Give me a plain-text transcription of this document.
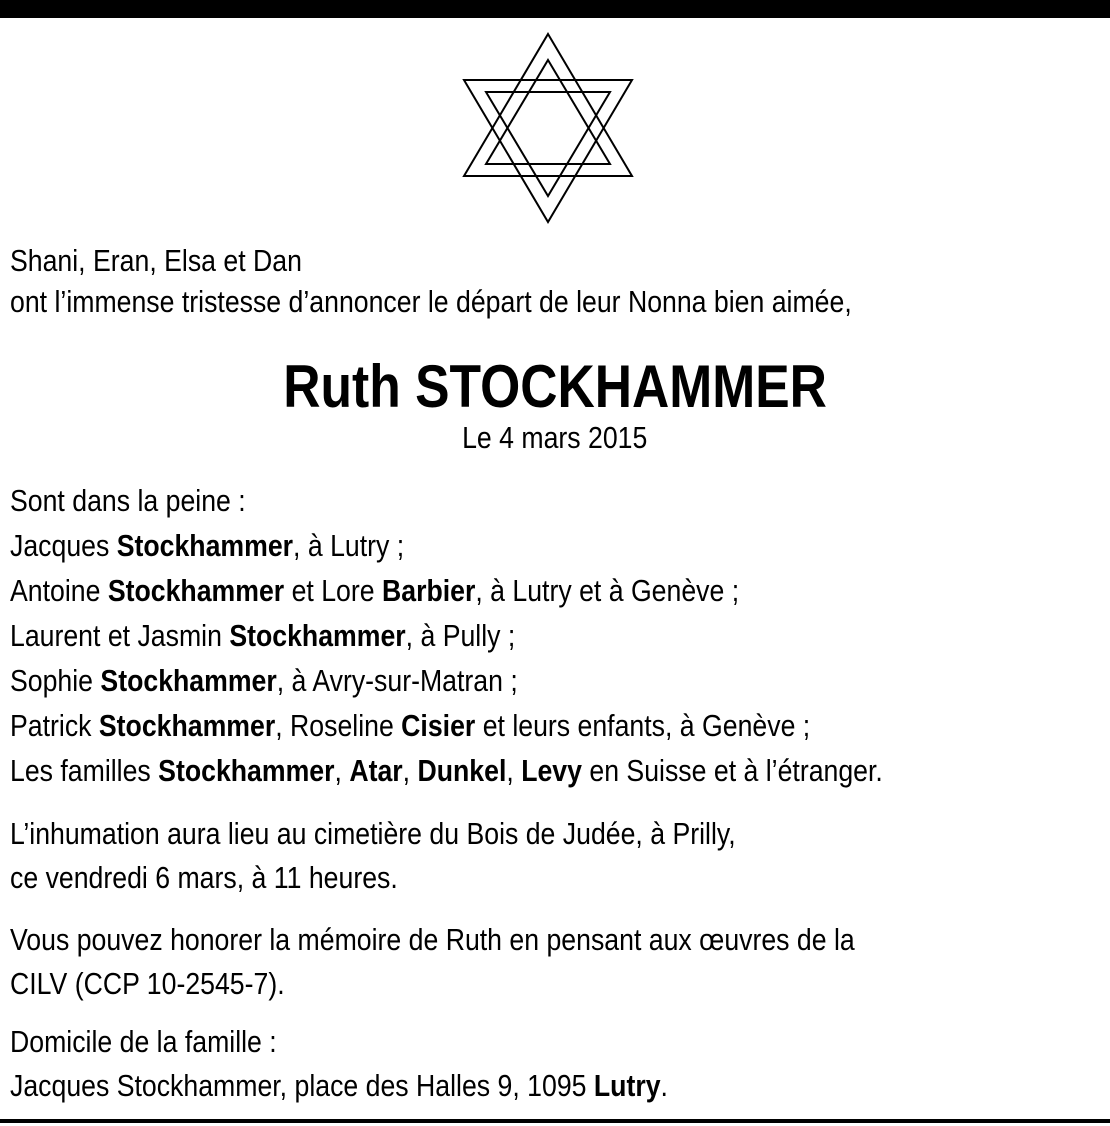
Shani, Eran, Elsa et Dan
ont l’immense tristesse d’annoncer le départ de leur Nonna bien aimée,
Ruth STOCKHAMMER
Le 4 mars 2015
Sont dans la peine :
Jacques Stockhammer, à Lutry ;
Antoine Stockhammer et Lore Barbier, à Lutry et à Genève ;
Laurent et Jasmin Stockhammer, à Pully ;
Sophie Stockhammer, à Avry-sur-Matran ;
Patrick Stockhammer, Roseline Cisier et leurs enfants, à Genève ;
Les familles Stockhammer, Atar, Dunkel, Levy en Suisse et à l’étranger.
L’inhumation aura lieu au cimetière du Bois de Judée, à Prilly,
ce vendredi 6 mars, à 11 heures.
Vous pouvez honorer la mémoire de Ruth en pensant aux œuvres de la
CILV (CCP 10-2545-7).
Domicile de la famille :
Jacques Stockhammer, place des Halles 9, 1095 Lutry.
